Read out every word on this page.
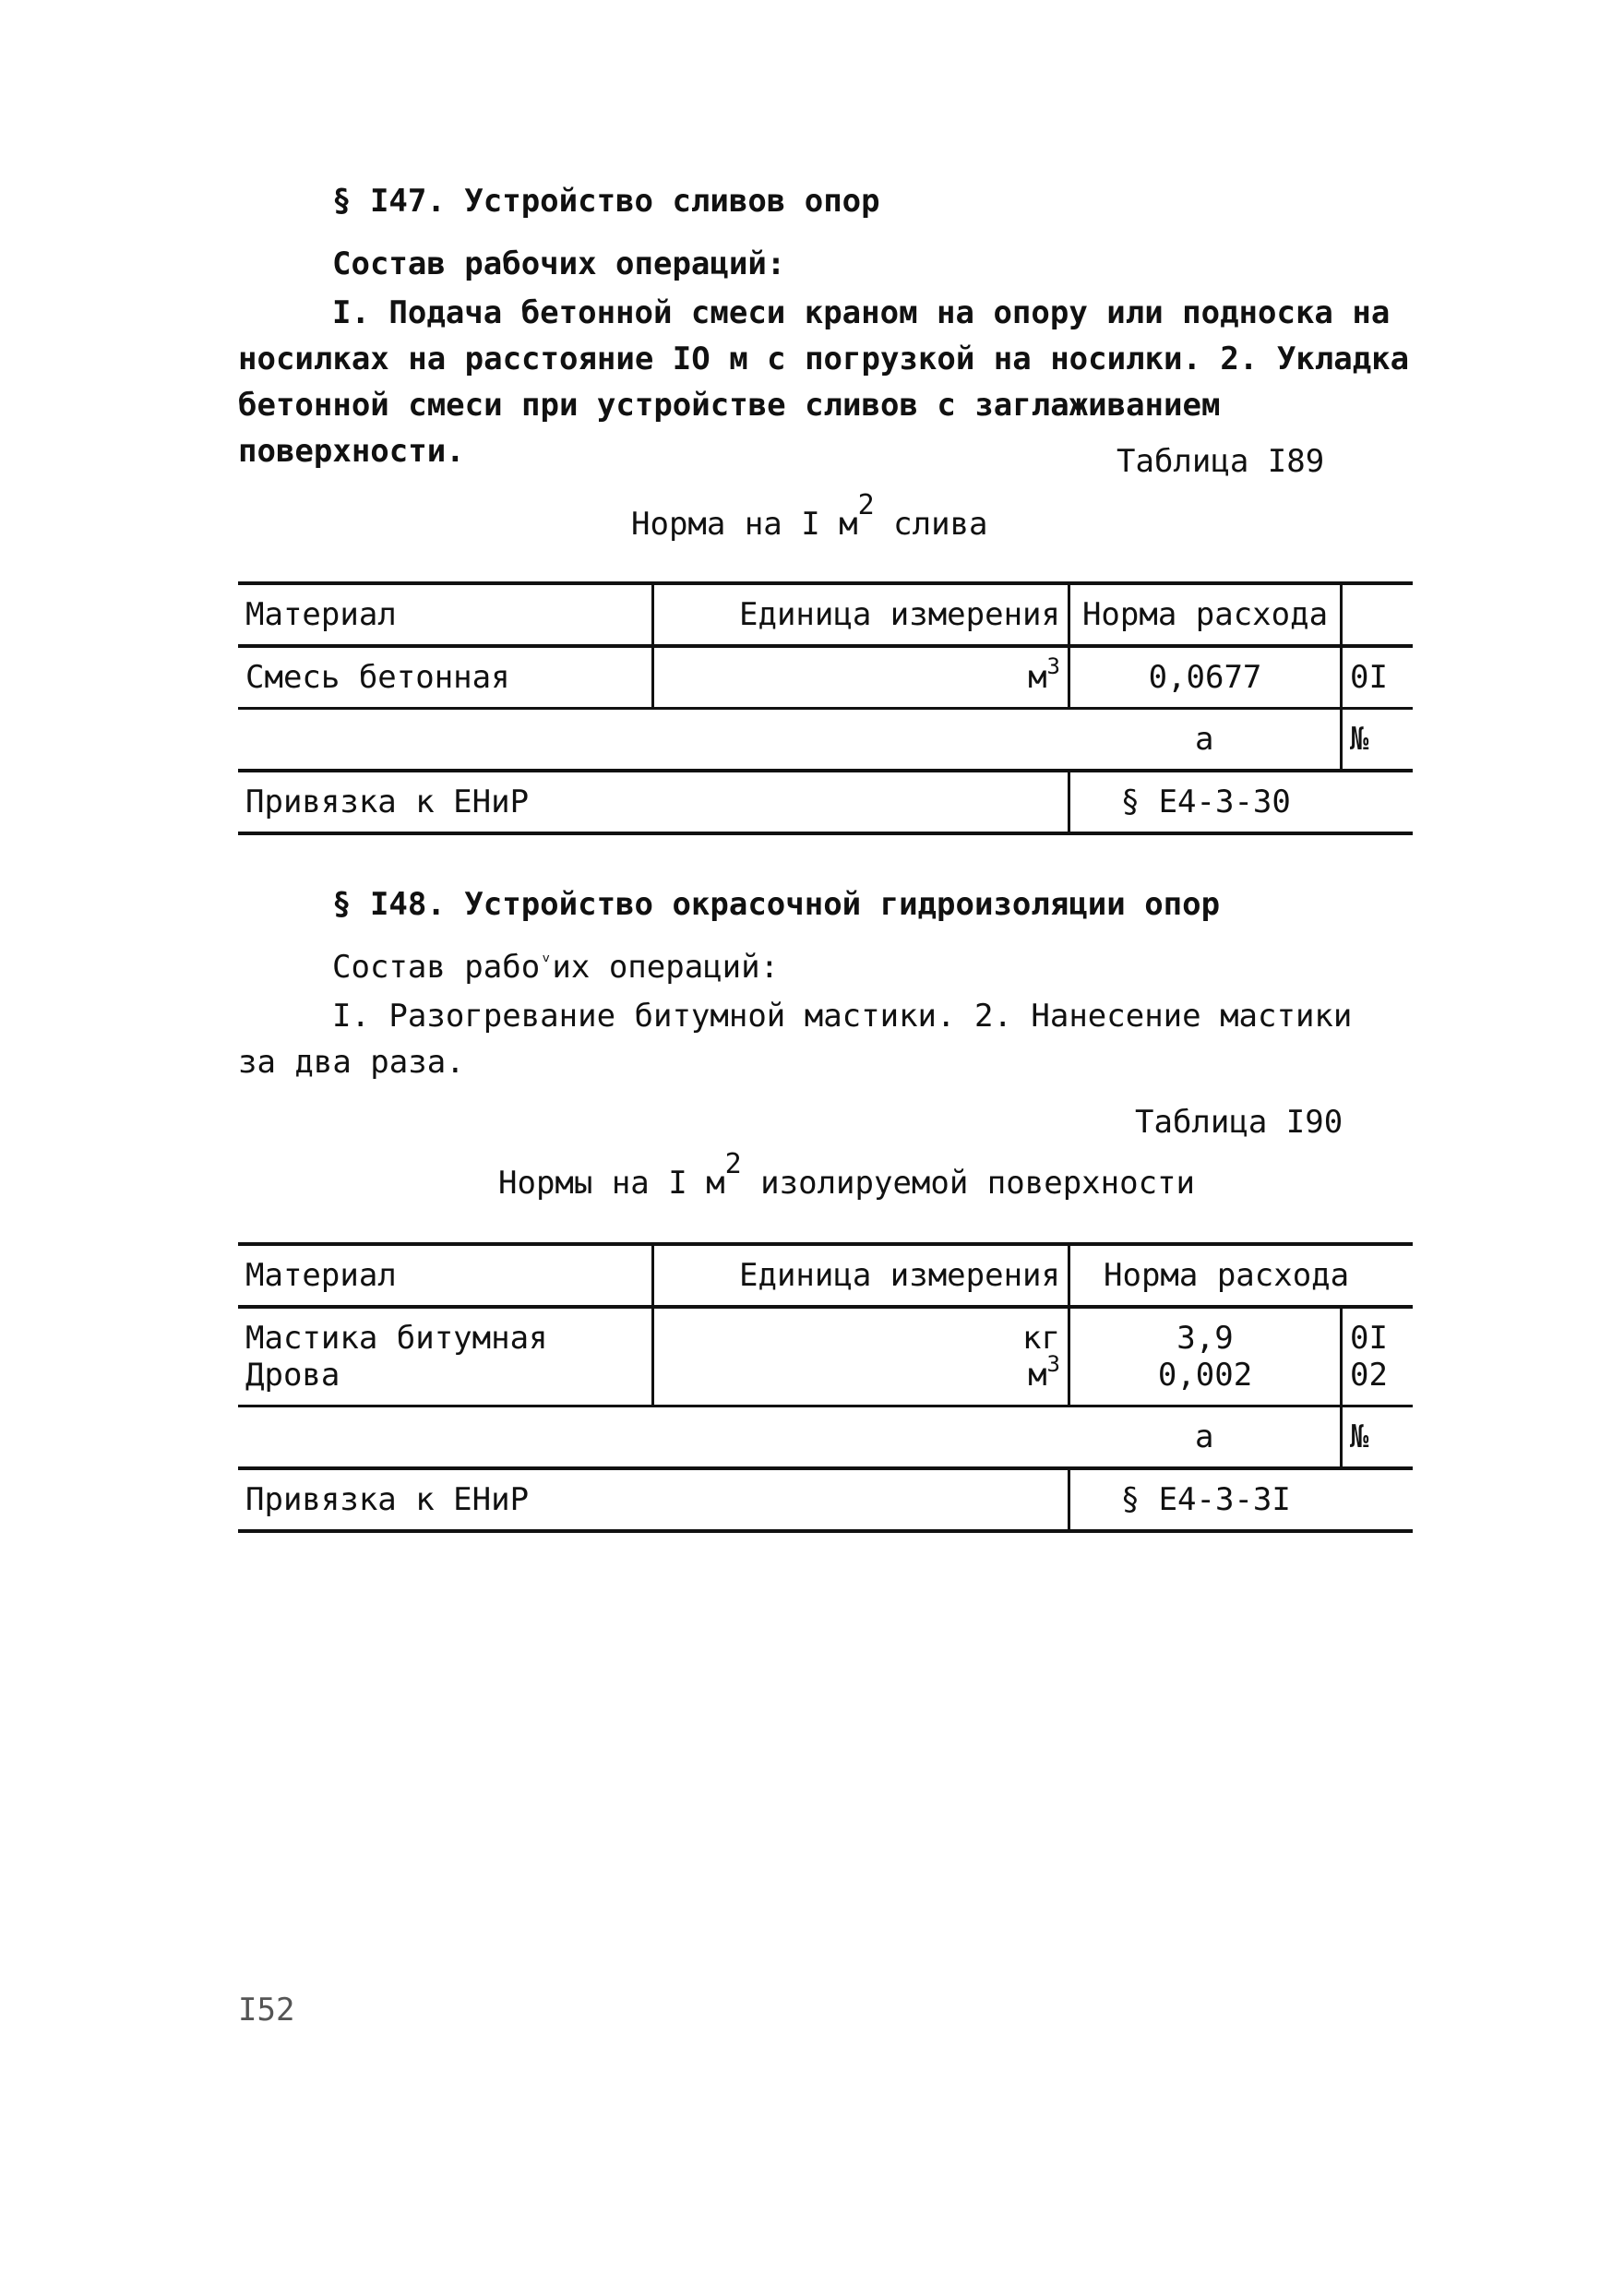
§ I47. Устройство сливов опор
Состав рабочих операций:
I. Подача бетонной смеси краном на опору или подноска на носилках на расстояние IO м с погрузкой на носилки. 2. Укладка бетонной смеси при устройстве сливов с заглаживанием поверхности.	Таблица I89
Норма на I $м^2$ слива
Материал	Единица измерения	Норма расхода	
Смесь бетонная	$м^3$	0,0677	0I
		а	№
Привязка к ЕНиР		§ Е4-3-30	
§ I48. Устройство окрасочной гидроизоляции опор
Состав рабо$^ᵛ$их операций:
I. Разогревание битумной мастики. 2. Нанесение мастики за два раза.
Таблица I90
Нормы на I $м^2$ изолируемой поверхности
Материал	Единица измерения	Норма расхода	
Мастика битумная	кг	3,9	0I
Дрова	$м^3$	0,002	02
		а	№
Привязка к ЕНиР		§ Е4-3-3I	
I52
